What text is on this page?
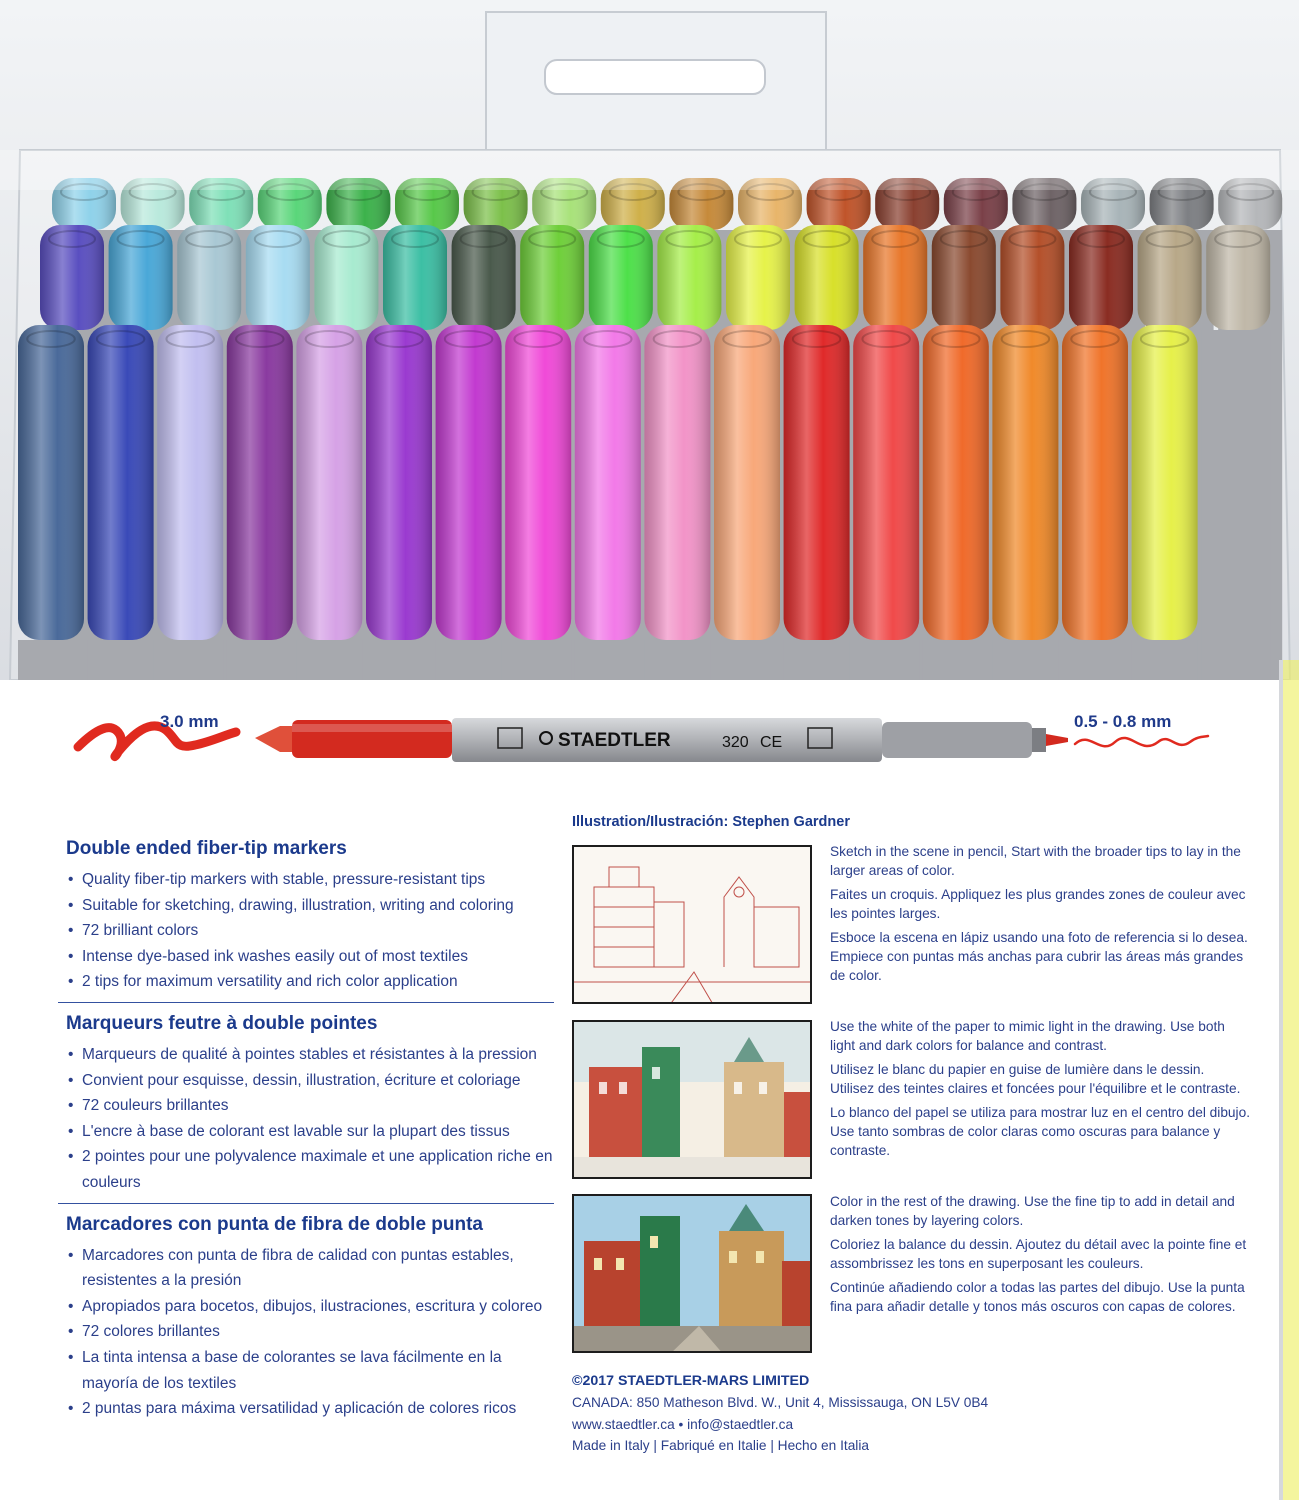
STAEDTLER	320 CE
3.0 mm	0.5 - 0.8 mm
Double ended fiber-tip markers
• Quality fiber-tip markers with stable, pressure-resistant tips
• Suitable for sketching, drawing, illustration, writing and coloring
• 72 brilliant colors
• Intense dye-based ink washes easily out of most textiles
• 2 tips for maximum versatility and rich color application
Marqueurs feutre à double pointes
• Marqueurs de qualité à pointes stables et résistantes à la pression
• Convient pour esquisse, dessin, illustration, écriture et coloriage
• 72 couleurs brillantes
• L'encre à base de colorant est lavable sur la plupart des tissus
• 2 pointes pour une polyvalence maximale et une application riche en couleurs
Marcadores con punta de fibra de doble punta
• Marcadores con punta de fibra de calidad con puntas estables, resistentes a la presión
• Apropiados para bocetos, dibujos, ilustraciones, escritura y coloreo
• 72 colores brillantes
• La tinta intensa a base de colorantes se lava fácilmente en la mayoría de los textiles
• 2 puntas para máxima versatilidad y aplicación de colores ricos
Illustration/Ilustración: Stephen Gardner

Sketch in the scene in pencil, Start with the broader tips to lay in the larger areas of color.

Faites un croquis. Appliquez les plus grandes zones de couleur avec les pointes larges.

Esboce la escena en lápiz usando una foto de referencia si lo desea. Empiece con puntas más anchas para cubrir las áreas más grandes de color.

Use the white of the paper to mimic light in the drawing. Use both light and dark colors for balance and contrast.

Utilisez le blanc du papier en guise de lumière dans le dessin. Utilisez des teintes claires et foncées pour l'équilibre et le contraste.

Lo blanco del papel se utiliza para mostrar luz en el centro del dibujo. Use tanto sombras de color claras como oscuras para balance y contraste.

Color in the rest of the drawing. Use the fine tip to add in detail and darken tones by layering colors.

Coloriez la balance du dessin. Ajoutez du détail avec la pointe fine et assombrissez les tons en superposant les couleurs.

Continúe añadiendo color a todas las partes del dibujo. Use la punta fina para añadir detalle y tonos más oscuros con capas de colores.

©2017 STAEDTLER-MARS LIMITED
CANADA: 850 Matheson Blvd. W., Unit 4, Mississauga, ON L5V 0B4
www.staedtler.ca • info@staedtler.ca
Made in Italy | Fabriqué en Italie | Hecho en Italia
